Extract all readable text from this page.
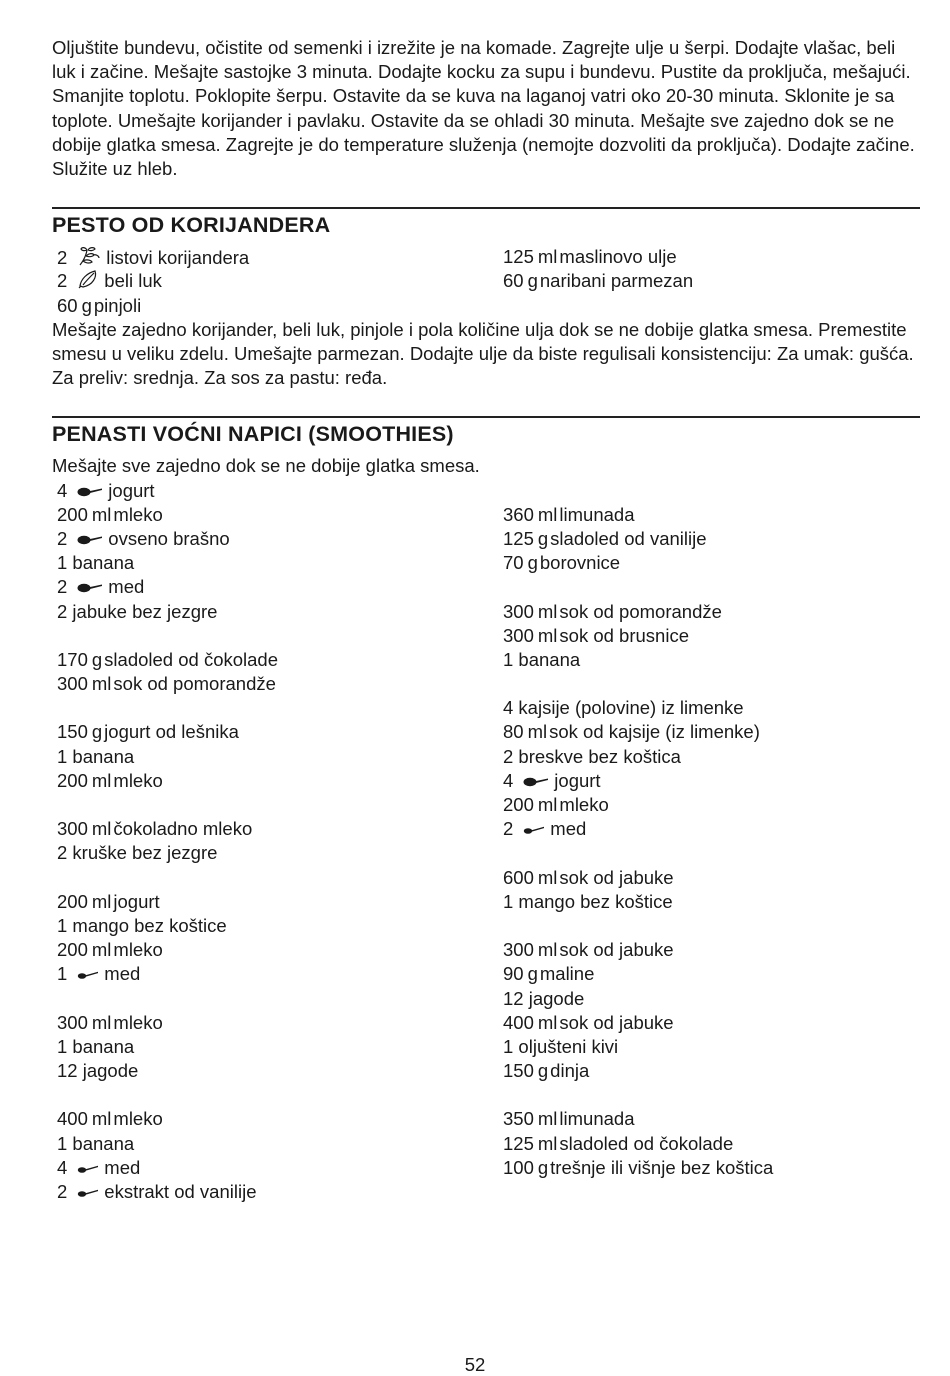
Oljuštite bundevu, očistite od semenki i izrežite je na komade. Zagrejte ulje u šerpi. Dodajte vlašac, beli luk i začine. Mešajte sastojke 3 minuta. Dodajte kocku za supu i bundevu. Pustite da proključa, mešajući. Smanjite toplotu. Poklopite šerpu. Ostavite da se kuva na laganoj vatri oko 20-30 minuta. Sklonite je sa toplote. Umešajte korijander i pavlaku. Ostavite da se ohladi 30 minuta. Mešajte sve zajedno dok se ne dobije glatka smesa. Zagrejte je do temperature služenja (nemojte dozvoliti da proključa). Dodajte začine. Služite uz hleb.

PESTO OD KORIJANDERA
2 listovi korijandera
2 beli luk
60 g pinjoli
125 ml maslinovo ulje
60 g naribani parmezan

Mešajte zajedno korijander, beli luk, pinjole i pola količine ulja dok se ne dobije glatka smesa. Premestite smesu u veliku zdelu. Umešajte parmezan. Dodajte ulje da biste regulisali konsistenciju: Za umak: gušća. Za preliv: srednja. Za sos za pastu: ređa.

PENASTI VOĆNI NAPICI (SMOOTHIES)

Mešajte sve zajedno dok se ne dobije glatka smesa.

4 jogurt
200 ml mleko
2 ovseno brašno
1 banana
2 med
2 jabuke bez jezgre

170 g sladoled od čokolade
300 ml sok od pomorandže

150 g jogurt od lešnika
1 banana
200 ml mleko

300 ml čokoladno mleko
2 kruške bez jezgre

200 ml jogurt
1 mango bez koštice
200 ml mleko
1 med

300 ml mleko
1 banana
12 jagode

400 ml mleko
1 banana
4 med
2 ekstrakt od vanilije

360 ml limunada
125 g sladoled od vanilije
70 g borovnice

300 ml sok od pomorandže
300 ml sok od brusnice
1 banana

4 kajsije (polovine) iz limenke
80 ml sok od kajsije (iz limenke)
2 breskve bez koštica
4 jogurt
200 ml mleko
2 med

600 ml sok od jabuke
1 mango bez koštice

300 ml sok od jabuke
90 g maline
12 jagode
400 ml sok od jabuke
1 oljušteni kivi
150 g dinja

350 ml limunada
125 ml sladoled od čokolade
100 g trešnje ili višnje bez koštica
52
